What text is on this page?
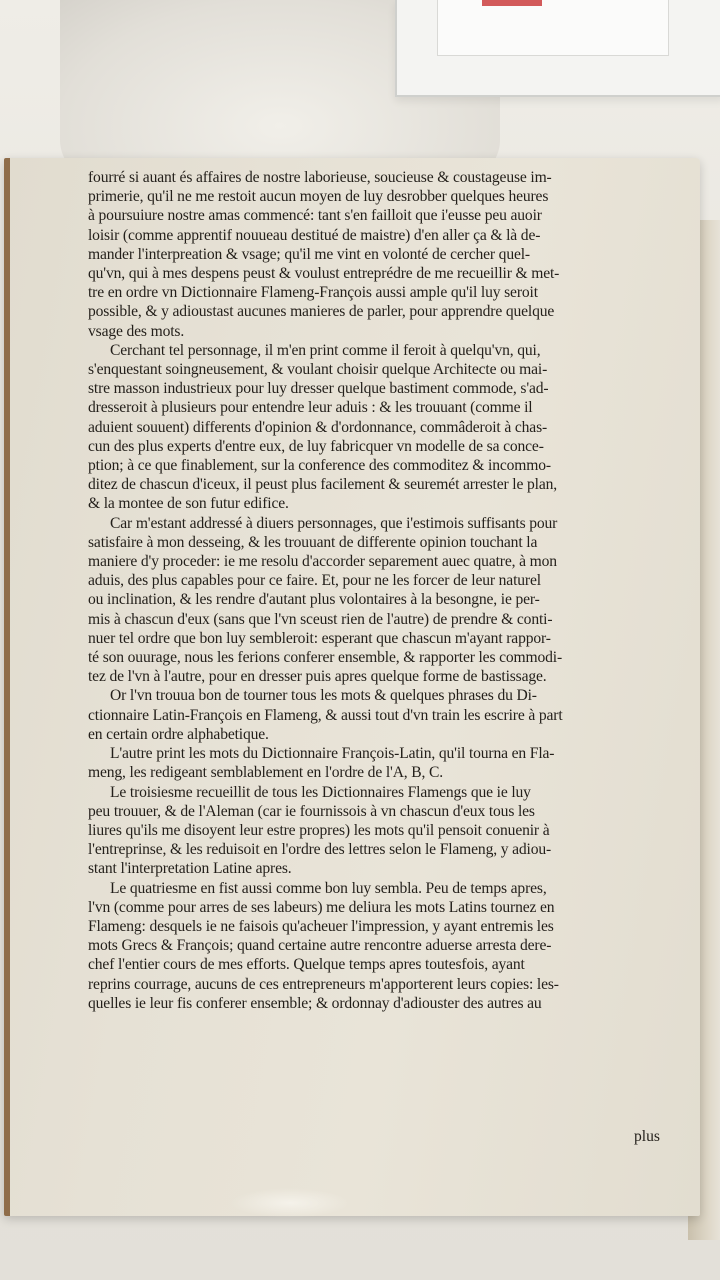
fourré si auant és affaires de nostre laborieuse, soucieuse & coustageuse im-
primerie, qu'il ne me restoit aucun moyen de luy desrobber quelques heures
à poursuiure nostre amas commencé: tant s'en failloit que i'eusse peu auoir
loisir (comme apprentif nouueau destitué de maistre) d'en aller ça & là de-
mander l'interpreation & vsage; qu'il me vint en volonté de cercher quel-
qu'vn, qui à mes despens peust & voulust entreprédre de me recueillir & met-
tre en ordre vn Dictionnaire Flameng-François aussi ample qu'il luy seroit
possible, & y adioustast aucunes manieres de parler, pour apprendre quelque
vsage des mots.
Cerchant tel personnage, il m'en print comme il feroit à quelqu'vn, qui,
s'enquestant soingneusement, & voulant choisir quelque Architecte ou mai-
stre masson industrieux pour luy dresser quelque bastiment commode, s'ad-
dresseroit à plusieurs pour entendre leur aduis : & les trouuant (comme il
aduient souuent) differents d'opinion & d'ordonnance, commâderoit à chas-
cun des plus experts d'entre eux, de luy fabricquer vn modelle de sa conce-
ption; à ce que finablement, sur la conference des commoditez & incommo-
ditez de chascun d'iceux, il peust plus facilement & seuremét arrester le plan,
& la montee de son futur edifice.
Car m'estant addressé à diuers personnages, que i'estimois suffisants pour
satisfaire à mon desseing, & les trouuant de differente opinion touchant la
maniere d'y proceder: ie me resolu d'accorder separement auec quatre, à mon
aduis, des plus capables pour ce faire. Et, pour ne les forcer de leur naturel
ou inclination, & les rendre d'autant plus volontaires à la besongne, ie per-
mis à chascun d'eux (sans que l'vn sceust rien de l'autre) de prendre & conti-
nuer tel ordre que bon luy sembleroit: esperant que chascun m'ayant rappor-
té son ouurage, nous les ferions conferer ensemble, & rapporter les commodi-
tez de l'vn à l'autre, pour en dresser puis apres quelque forme de bastissage.
Or l'vn trouua bon de tourner tous les mots & quelques phrases du Di-
ctionnaire Latin-François en Flameng, & aussi tout d'vn train les escrire à part
en certain ordre alphabetique.
L'autre print les mots du Dictionnaire François-Latin, qu'il tourna en Fla-
meng, les redigeant semblablement en l'ordre de l'A, B, C.
Le troisiesme recueillit de tous les Dictionnaires Flamengs que ie luy
peu trouuer, & de l'Aleman (car ie fournissois à vn chascun d'eux tous les
liures qu'ils me disoyent leur estre propres) les mots qu'il pensoit conuenir à
l'entreprinse, & les reduisoit en l'ordre des lettres selon le Flameng, y adiou-
stant l'interpretation Latine apres.
Le quatriesme en fist aussi comme bon luy sembla. Peu de temps apres,
l'vn (comme pour arres de ses labeurs) me deliura les mots Latins tournez en
Flameng: desquels ie ne faisois qu'acheuer l'impression, y ayant entremis les
mots Grecs & François; quand certaine autre rencontre aduerse arresta dere-
chef l'entier cours de mes efforts. Quelque temps apres toutesfois, ayant
reprins courrage, aucuns de ces entrepreneurs m'apporterent leurs copies: les-
quelles ie leur fis conferer ensemble; & ordonnay d'adiouster des autres au
plus
